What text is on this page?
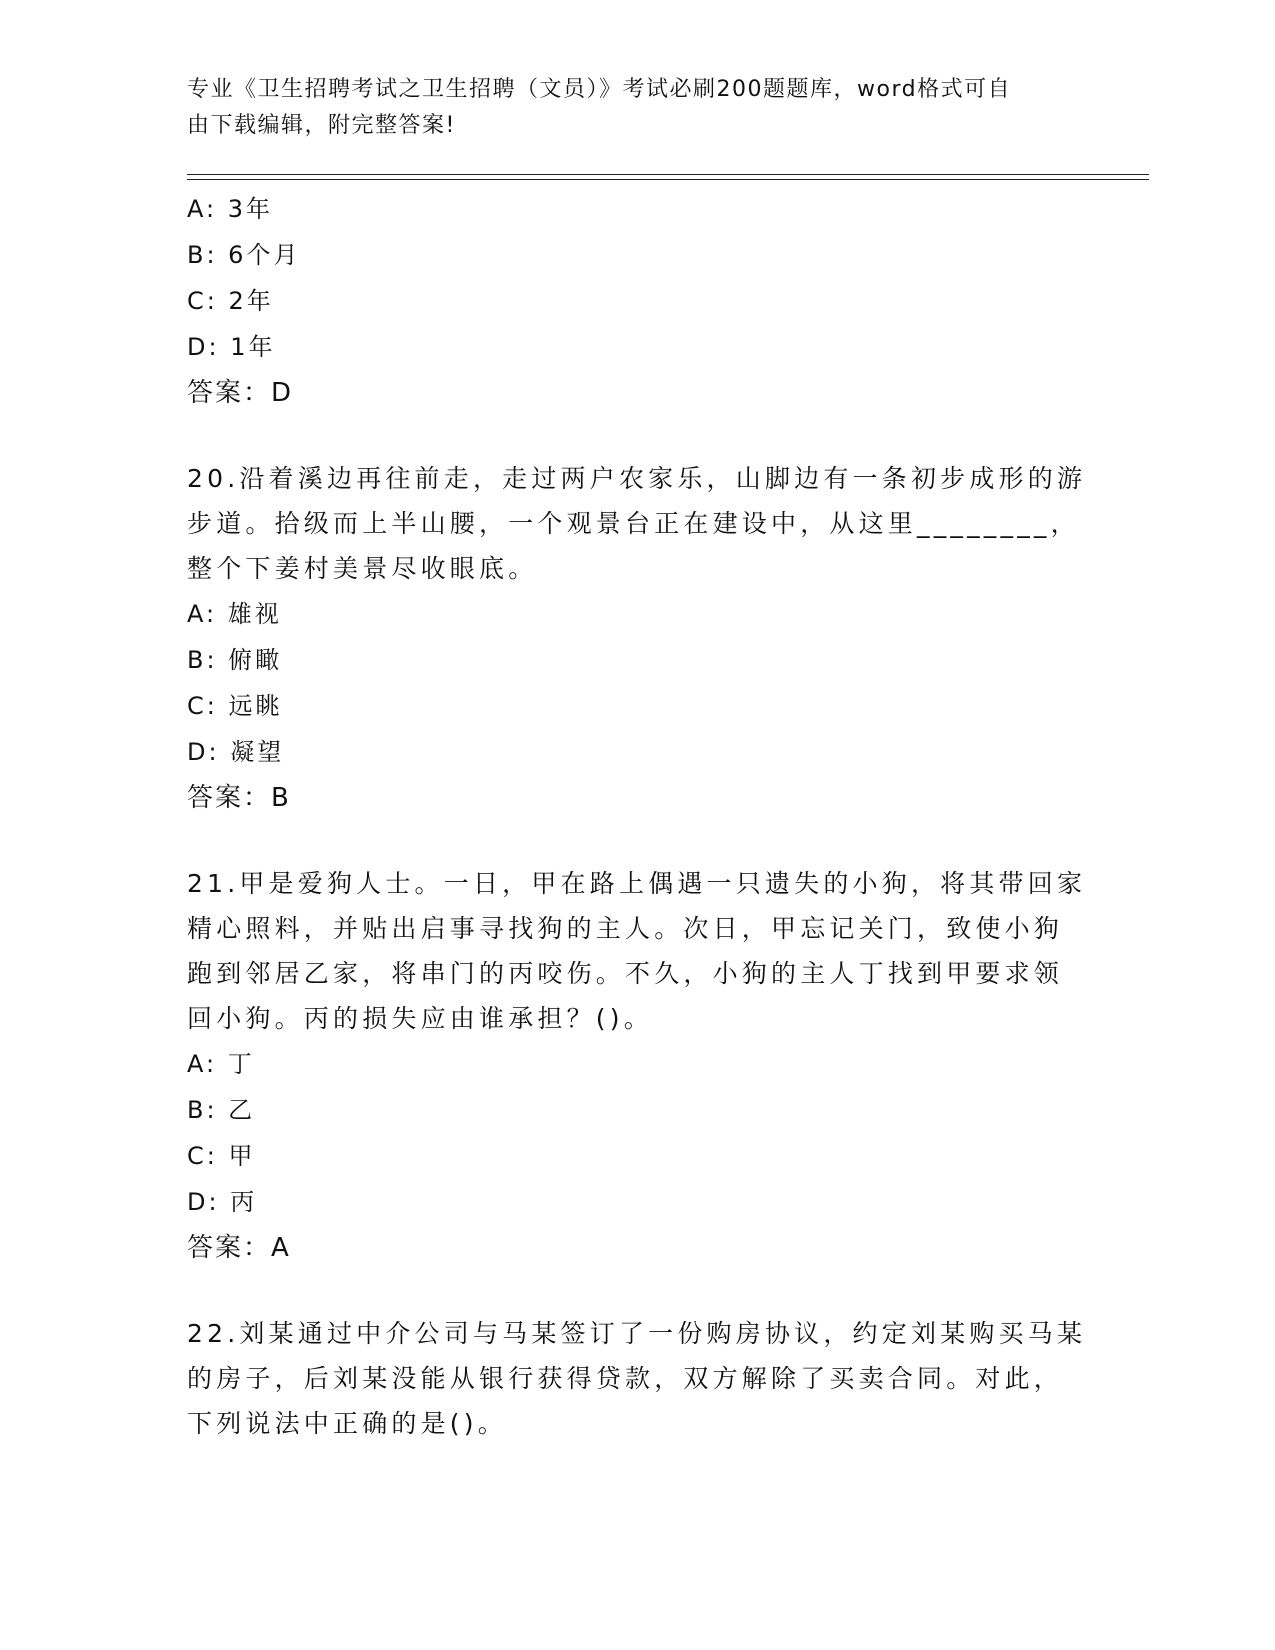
专业《卫生招聘考试之卫生招聘（文员）》考试必刷200题题库，word格式可自
由下载编辑，附完整答案!
A: 3年
B: 6个月
C: 2年
D: 1年
答案：D
20.沿着溪边再往前走，走过两户农家乐，山脚边有一条初步成形的游
步道。拾级而上半山腰，一个观景台正在建设中，从这里________，
整个下姜村美景尽收眼底。
A: 雄视
B: 俯瞰
C: 远眺
D: 凝望
答案：B
21.甲是爱狗人士。一日，甲在路上偶遇一只遗失的小狗，将其带回家
精心照料，并贴出启事寻找狗的主人。次日，甲忘记关门，致使小狗
跑到邻居乙家，将串门的丙咬伤。不久，小狗的主人丁找到甲要求领
回小狗。丙的损失应由谁承担？()。
A: 丁
B: 乙
C: 甲
D: 丙
答案：A
22.刘某通过中介公司与马某签订了一份购房协议，约定刘某购买马某
的房子，后刘某没能从银行获得贷款，双方解除了买卖合同。对此，
下列说法中正确的是()。
